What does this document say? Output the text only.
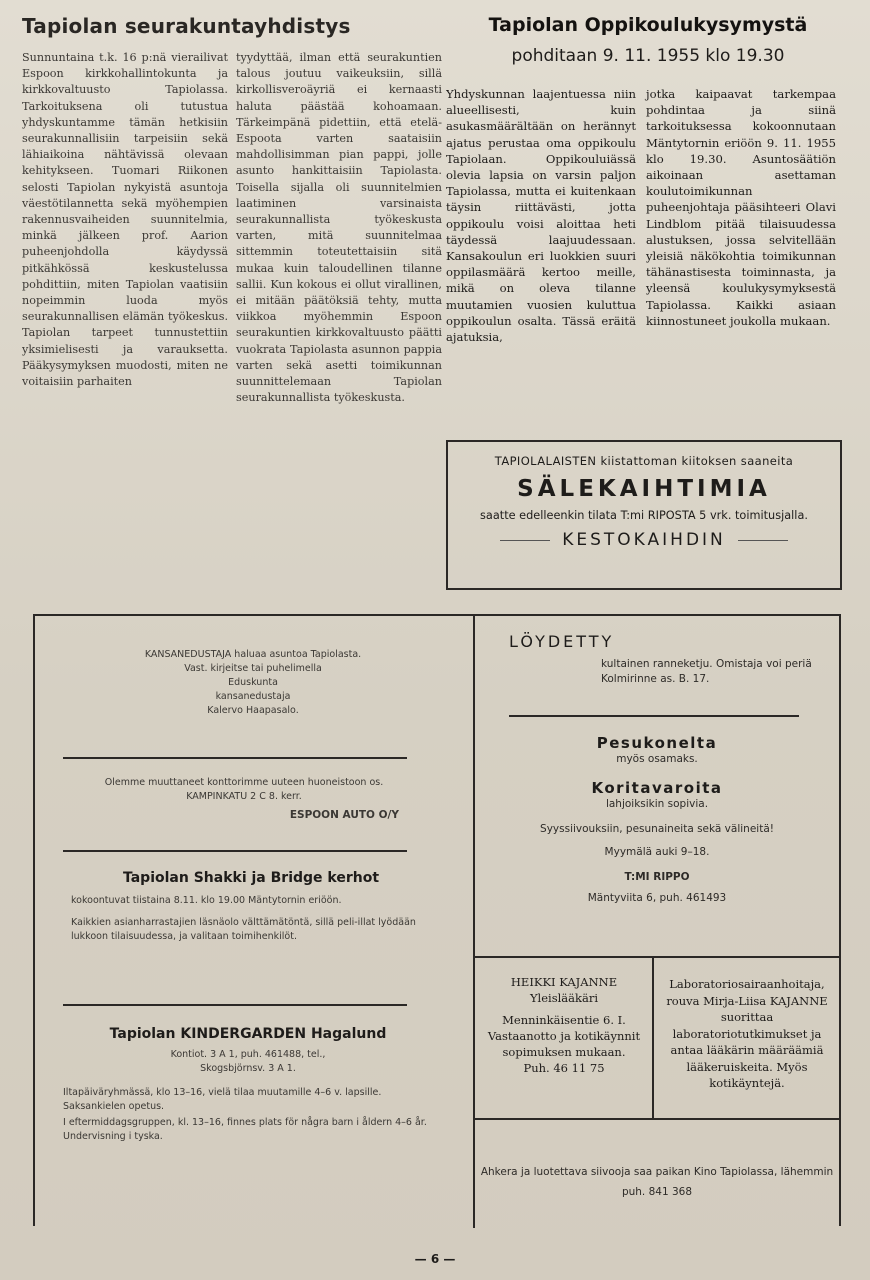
Tapiolan seurakuntayhdistys

Sunnuntaina t.k. 16 p:nä vierailivat Espoon kirkkohallintokunta ja kirkkovaltuusto Tapiolassa. Tarkoituksena oli tutustua yhdyskuntamme tämän hetkisiin seurakunnallisiin tarpeisiin sekä lähiaikoina nähtävissä olevaan kehitykseen. Tuomari Riikonen selosti Tapiolan nykyistä asuntoja väestötilannetta sekä myöhempien rakennusvaiheiden suunnitelmia, minkä jälkeen prof. Aarion puheenjohdolla käydyssä pitkähkössä keskustelussa pohdittiin, miten Tapiolan vaatisiin nopeimmin luoda myös seurakunnallisen elämän työkeskus. Tapiolan tarpeet tunnustettiin yksimielisesti ja varauksetta. Pääkysymyksen muodosti, miten ne voitaisiin parhaiten

tyydyttää, ilman että seurakuntien talous joutuu vaikeuksiin, sillä kirkollisveroäyriä ei kernaasti haluta päästää kohoamaan. Tärkeimpänä pidettiin, että etelä-Espoota varten saataisiin mahdollisimman pian pappi, jolle asunto hankittaisiin Tapiolasta. Toisella sijalla oli suunnitelmien laatiminen varsinaista seurakunnallista työkeskusta varten, mitä suunnitelmaa sittemmin toteutettaisiin sitä mukaa kuin taloudellinen tilanne sallii. Kun kokous ei ollut virallinen, ei mitään päätöksiä tehty, mutta viikkoa myöhemmin Espoon seurakuntien kirkkovaltuusto päätti vuokrata Tapiolasta asunnon pappia varten sekä asetti toimikunnan suunnittelemaan Tapiolan seurakunnallista työkeskusta.

Tapiolan Oppikoulukysymystä
pohditaan 9. 11. 1955 klo 19.30

Yhdyskunnan laajentuessa niin alueellisesti, kuin asukasmäärältään on herännyt ajatus perustaa oma oppikoulu Tapiolaan. Oppikouluiässä olevia lapsia on varsin paljon Tapiolassa, mutta ei kuitenkaan täysin riittävästi, jotta oppikoulu voisi aloittaa heti täydessä laajuudessaan. Kansakoulun eri luokkien suuri oppilasmäärä kertoo meille, mikä on oleva tilanne muutamien vuosien kuluttua oppikoulun osalta. Tässä eräitä ajatuksia,

jotka kaipaavat tarkempaa pohdintaa ja siinä tarkoituksessa kokoonnutaan Mäntytornin eriöön 9. 11. 1955 klo 19.30. Asuntosäätiön aikoinaan asettaman koulutoimikunnan puheenjohtaja pääsihteeri Olavi Lindblom pitää tilaisuudessa alustuksen, jossa selvitellään yleisiä näkökohtia toimikunnan tähänastisesta toiminnasta, ja yleensä koulukysymyksestä Tapiolassa. Kaikki asiaan kiinnostuneet joukolla mukaan.

TAPIOLALAISTEN kiistattoman kiitoksen saaneita
SÄLEKAIHTIMIA
saatte edelleenkin tilata T:mi RIPOSTA 5 vrk. toimitusjalla.
KESTOKAIHDIN
KANSANEDUSTAJA haluaa asuntoa Tapiolasta.
Vast. kirjeitse tai puhelimella
Eduskunta
kansanedustaja
Kalervo Haapasalo.
Olemme muuttaneet konttorimme uuteen huoneistoon os. KAMPINKATU 2 C 8. kerr.
ESPOON AUTO O/Y
Tapiolan Shakki ja Bridge kerhot
kokoontuvat tiistaina 8.11. klo 19.00 Mäntytornin eriöön.
Kaikkien asianharrastajien läsnäolo välttämätöntä, sillä peli-illat lyödään lukkoon tilaisuudessa, ja valitaan toimihenkilöt.
Tapiolan KINDERGARDEN Hagalund
Kontiot. 3 A 1, puh. 461488, tel.,
Skogsbjörnsv. 3 A 1.
Iltapäiväryhmässä, klo 13–16, vielä tilaa muutamille 4–6 v. lapsille. Saksankielen opetus.
I eftermiddagsgruppen, kl. 13–16, finnes plats för några barn i åldern 4–6 år. Undervisning i tyska.
LÖYDETTY
kultainen ranneketju. Omistaja voi periä Kolmirinne as. B. 17.
Pesukonelta
myös osamaks.
Koritavaroita
lahjoiksikin sopivia.
Syyssiivouksiin, pesunaineita sekä välineitä!
Myymälä auki 9–18.
T:MI RIPPO
Mäntyviita 6, puh. 461493
HEIKKI KAJANNE
Yleislääkäri
Menninkäisentie 6. I.
Vastaanotto ja kotikäynnit sopimuksen mukaan.
Puh. 46 11 75
Laboratoriosairaanhoitaja, rouva Mirja-Liisa KAJANNE suorittaa laboratoriotutkimukset ja antaa lääkärin määräämiä lääkeruiskeita. Myös kotikäyntejä.
Ahkera ja luotettava siivooja saa paikan Kino Tapiolassa, lähemmin puh. 841 368
— 6 —
